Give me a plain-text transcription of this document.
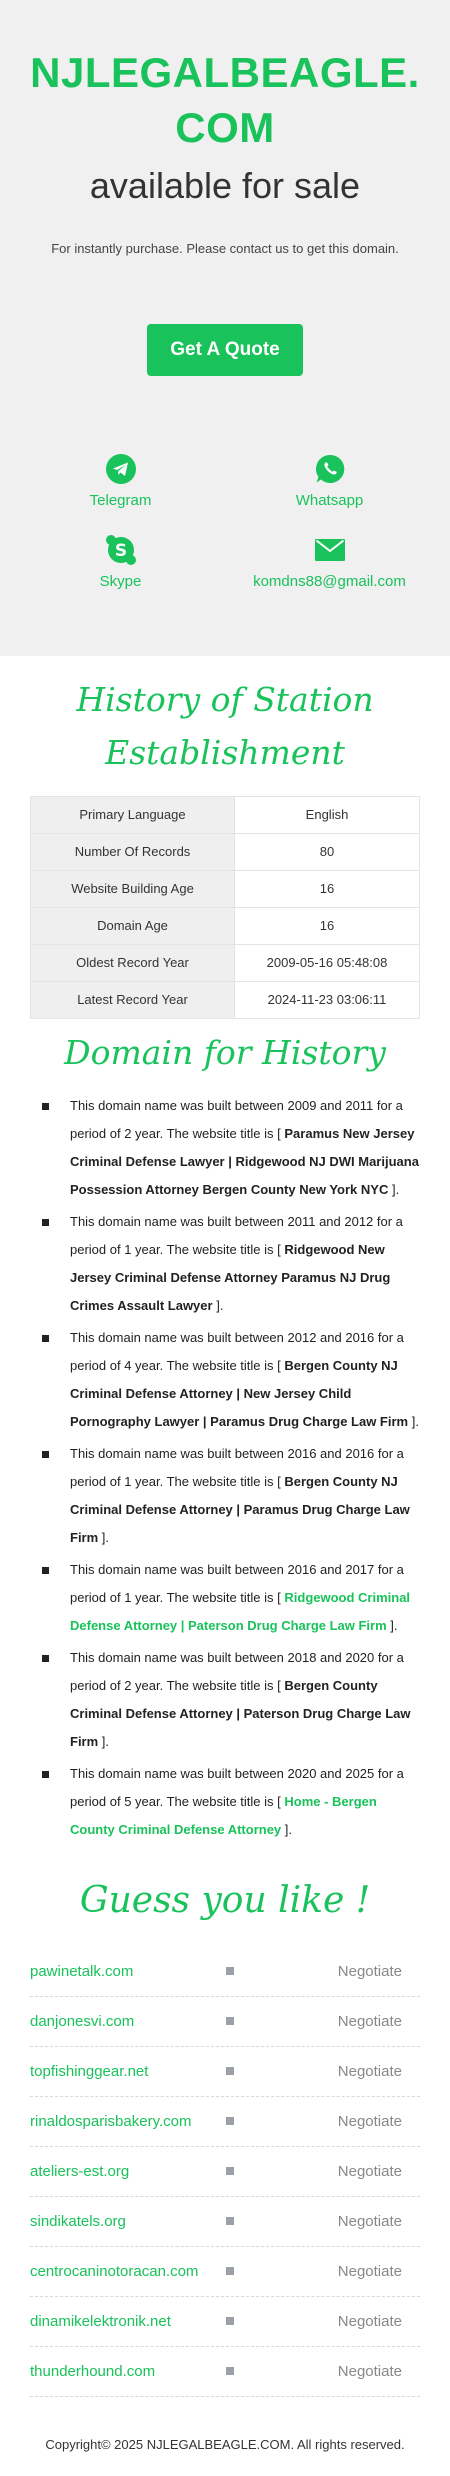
NJLEGALBEAGLE.COM
available for sale

For instantly purchase. Please contact us to get this domain.

Get A Quote
Telegram	Whatsapp
S
Skype	komdns88@gmail.com
History of Station Establishment
Primary Language	English
Number Of Records	80
Website Building Age	16
Domain Age	16
Oldest Record Year	2009-05-16 05:48:08
Latest Record Year	2024-11-23 03:06:11
Domain for History
This domain name was built between 2009 and 2011 for a period of 2 year. The website title is [ Paramus New Jersey Criminal Defense Lawyer | Ridgewood NJ DWI Marijuana Possession Attorney Bergen County New York NYC ].
This domain name was built between 2011 and 2012 for a period of 1 year. The website title is [ Ridgewood New Jersey Criminal Defense Attorney Paramus NJ Drug Crimes Assault Lawyer ].
This domain name was built between 2012 and 2016 for a period of 4 year. The website title is [ Bergen County NJ Criminal Defense Attorney | New Jersey Child Pornography Lawyer | Paramus Drug Charge Law Firm ].
This domain name was built between 2016 and 2016 for a period of 1 year. The website title is [ Bergen County NJ Criminal Defense Attorney | Paramus Drug Charge Law Firm ].
This domain name was built between 2016 and 2017 for a period of 1 year. The website title is [ Ridgewood Criminal Defense Attorney | Paterson Drug Charge Law Firm ].
This domain name was built between 2018 and 2020 for a period of 2 year. The website title is [ Bergen County Criminal Defense Attorney | Paterson Drug Charge Law Firm ].
This domain name was built between 2020 and 2025 for a period of 5 year. The website title is [ Home - Bergen County Criminal Defense Attorney ].
Guess you like !
pawinetalk.com	Negotiate
danjonesvi.com	Negotiate
topfishinggear.net	Negotiate
rinaldosparisbakery.com	Negotiate
ateliers-est.org	Negotiate
sindikatels.org	Negotiate
centrocaninotoracan.com	Negotiate
dinamikelektronik.net	Negotiate
thunderhound.com	Negotiate
Copyright© 2025 NJLEGALBEAGLE.COM. All rights reserved.
